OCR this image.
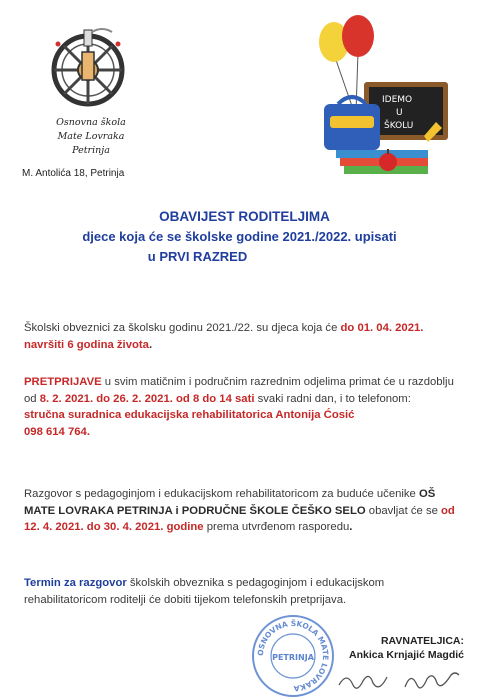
Osnovna škola
Mate Lovraka
Petrinja
M. Antolića 18, Petrinja
IDEMO
U
ŠKOLU
OBAVIJEST RODITELJIMA
djece koja će se školske godine 2021./2022. upisati
u PRVI RAZRED
Školski obveznici za školsku godinu 2021./22. su djeca koja će do 01. 04. 2021. navršiti 6 godina života.
PRETPRIJAVE u svim matičnim i područnim razrednim odjelima primat će u razdoblju od 8. 2. 2021. do 26. 2. 2021. od 8 do 14 sati svaki radni dan, i to telefonom:
stručna suradnica edukacijska rehabilitatorica Antonija Ćosić
098 614 764.
Razgovor s pedagoginjom i edukacijskom rehabilitatoricom za buduće učenike OŠ MATE LOVRAKA PETRINJA i PODRUČNE ŠKOLE ČEŠKO SELO obavljat će se od 12. 4. 2021. do 30. 4. 2021. godine prema utvrđenom rasporedu.
Termin za razgovor školskih obveznika s pedagoginjom i edukacijskom rehabilitatoricom roditelji će dobiti tijekom telefonskih pretprijava.
OSNOVNA ŠKOLA MATE LOVRAKA
PETRINJA
RAVNATELJICA:
Ankica Krnjajić Magdić
